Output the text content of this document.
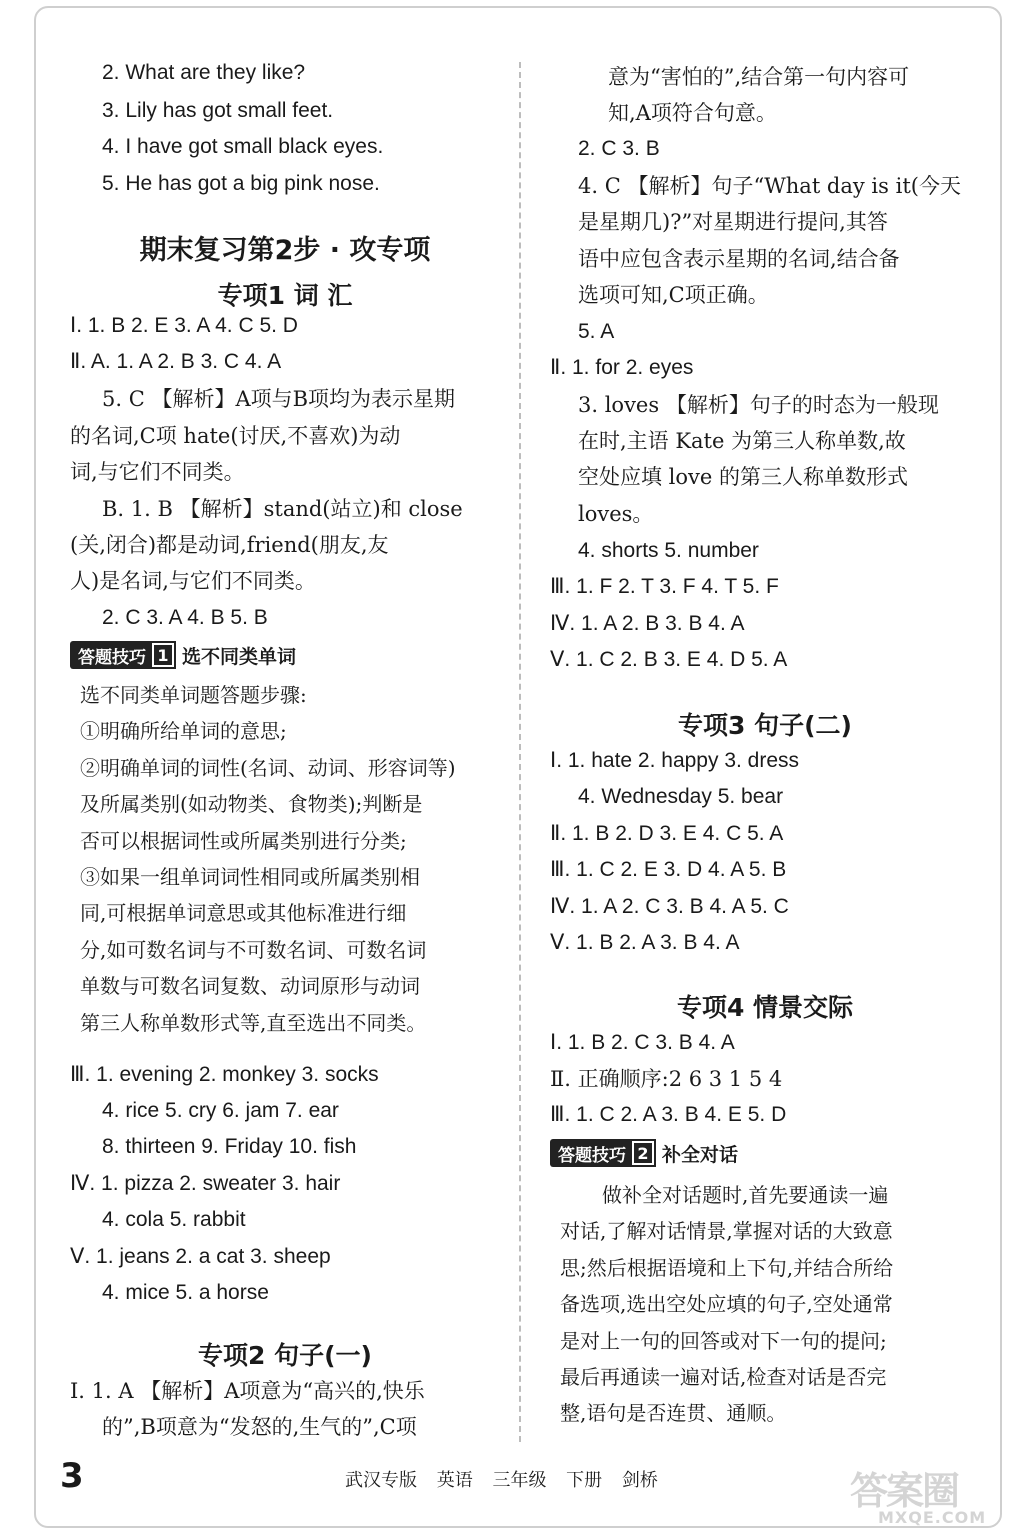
2. What are they like?
3. Lily has got small feet.
4. I have got small black eyes.
5. He has got a big pink nose.
期末复习第2步 · 攻专项
专项1 词 汇
Ⅰ. 1. B 2. E 3. A 4. C 5. D
Ⅱ. A. 1. A 2. B 3. C 4. A
5. C 【解析】A项与B项均为表示星期
的名词,C项 hate(讨厌,不喜欢)为动
词,与它们不同类。
B. 1. B 【解析】stand(站立)和 close
(关,闭合)都是动词,friend(朋友,友
人)是名词,与它们不同类。
2. C 3. A 4. B 5. B
答题技巧 1 选不同类单词
选不同类单词题答题步骤:
①明确所给单词的意思;
②明确单词的词性(名词、动词、形容词等)
及所属类别(如动物类、食物类);判断是
否可以根据词性或所属类别进行分类;
③如果一组单词词性相同或所属类别相
同,可根据单词意思或其他标准进行细
分,如可数名词与不可数名词、可数名词
单数与可数名词复数、动词原形与动词
第三人称单数形式等,直至选出不同类。
Ⅲ. 1. evening 2. monkey 3. socks
4. rice 5. cry 6. jam 7. ear
8. thirteen 9. Friday 10. fish
Ⅳ. 1. pizza 2. sweater 3. hair
4. cola 5. rabbit
Ⅴ. 1. jeans 2. a cat 3. sheep
4. mice 5. a horse
专项2 句子(一)
Ⅰ. 1. A 【解析】A项意为“高兴的,快乐
的”,B项意为“发怒的,生气的”,C项
意为“害怕的”,结合第一句内容可
知,A项符合句意。
2. C 3. B
4. C 【解析】句子“What day is it(今天
是星期几)?”对星期进行提问,其答
语中应包含表示星期的名词,结合备
选项可知,C项正确。
5. A
Ⅱ. 1. for 2. eyes
3. loves 【解析】句子的时态为一般现
在时,主语 Kate 为第三人称单数,故
空处应填 love 的第三人称单数形式
loves。
4. shorts 5. number
Ⅲ. 1. F 2. T 3. F 4. T 5. F
Ⅳ. 1. A 2. B 3. B 4. A
Ⅴ. 1. C 2. B 3. E 4. D 5. A
专项3 句子(二)
Ⅰ. 1. hate 2. happy 3. dress
4. Wednesday 5. bear
Ⅱ. 1. B 2. D 3. E 4. C 5. A
Ⅲ. 1. C 2. E 3. D 4. A 5. B
Ⅳ. 1. A 2. C 3. B 4. A 5. C
Ⅴ. 1. B 2. A 3. B 4. A
专项4 情景交际
Ⅰ. 1. B 2. C 3. B 4. A
Ⅱ. 正确顺序:2 6 3 1 5 4
Ⅲ. 1. C 2. A 3. B 4. E 5. D
答题技巧 2 补全对话
做补全对话题时,首先要通读一遍
对话,了解对话情景,掌握对话的大致意
思;然后根据语境和上下句,并结合所给
备选项,选出空处应填的句子,空处通常
是对上一句的回答或对下一句的提问;
最后再通读一遍对话,检查对话是否完
整,语句是否连贯、通顺。
3	武汉专版 英语 三年级 下册 剑桥	答案圈
MXQE.COM
